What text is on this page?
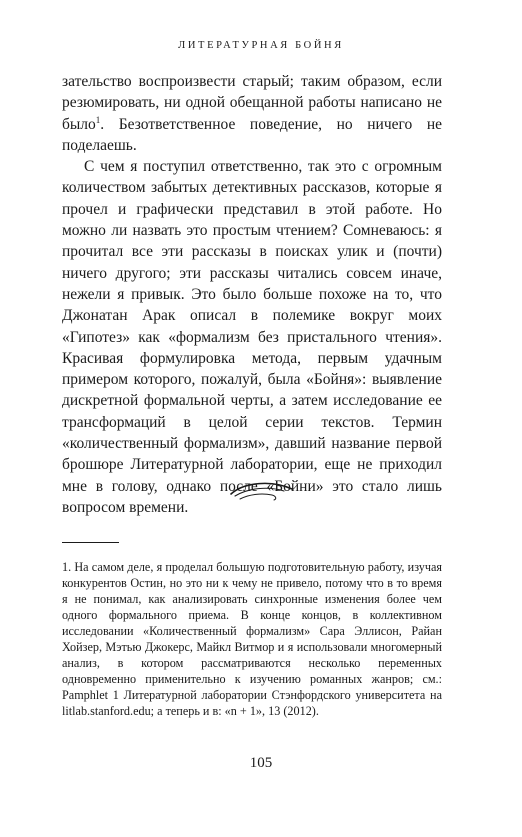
ЛИТЕРАТУРНАЯ БОЙНЯ

зательство воспроизвести старый; таким образом, если резюмировать, ни одной обещанной работы написано не было$^1$. Безответственное поведение, но ничего не поделаешь.

С чем я поступил ответственно, так это с огромным количеством забытых детективных рассказов, которые я прочел и графически представил в этой работе. Но можно ли назвать это простым чтением? Сомневаюсь: я прочитал все эти рассказы в поисках улик и (почти) ничего другого; эти рассказы читались совсем иначе, нежели я привык. Это было больше похоже на то, что Джонатан Арак описал в полемике вокруг моих «Гипотез» как «формализм без пристального чтения». Красивая формулировка метода, первым удачным примером которого, пожалуй, была «Бойня»: выявление дискретной формальной черты, а затем исследование ее трансформаций в целой серии текстов. Термин «количественный формализм», давший название первой брошюре Литературной лаборатории, еще не приходил мне в голову, однако после «Бойни» это стало лишь вопросом времени.

1. На самом деле, я проделал большую подготовительную работу, изучая конкурентов Остин, но это ни к чему не привело, потому что в то время я не понимал, как анализировать синхронные изменения более чем одного формального приема. В конце концов, в коллективном исследовании «Количественный формализм» Сара Эллисон, Райан Хойзер, Мэтью Джокерс, Майкл Витмор и я использовали многомерный анализ, в котором рассматриваются несколько переменных одновременно применительно к изучению романных жанров; см.: Pamphlet 1 Литературной лаборатории Стэнфордского университета на litlab.stanford.edu; а теперь и в: «n + 1», 13 (2012).

105
